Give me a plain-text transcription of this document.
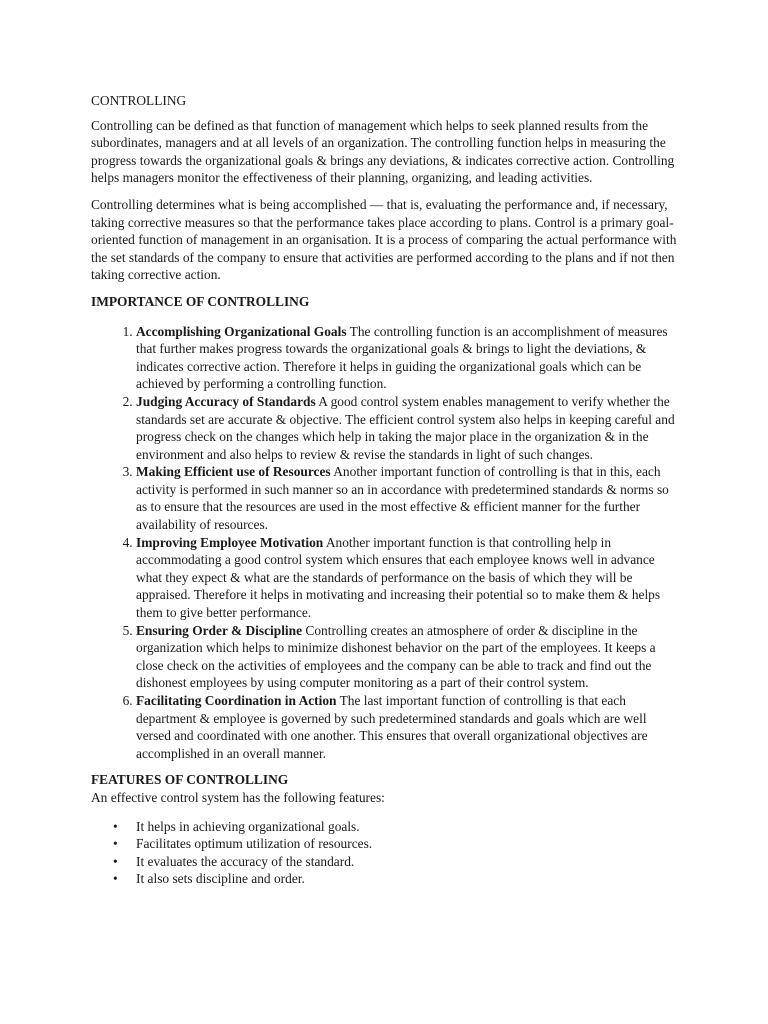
CONTROLLING

Controlling can be defined as that function of management which helps to seek planned results from the subordinates, managers and at all levels of an organization. The controlling function helps in measuring the progress towards the organizational goals & brings any deviations, & indicates corrective action. Controlling helps managers monitor the effectiveness of their planning, organizing, and leading activities.

Controlling determines what is being accomplished — that is, evaluating the performance and, if necessary, taking corrective measures so that the performance takes place according to plans. Control is a primary goal-oriented function of management in an organisation. It is a process of comparing the actual performance with the set standards of the company to ensure that activities are performed according to the plans and if not then taking corrective action.

IMPORTANCE OF CONTROLLING
1. Accomplishing Organizational Goals The controlling function is an accomplishment of measures that further makes progress towards the organizational goals & brings to light the deviations, & indicates corrective action. Therefore it helps in guiding the organizational goals which can be achieved by performing a controlling function.
2. Judging Accuracy of Standards A good control system enables management to verify whether the standards set are accurate & objective. The efficient control system also helps in keeping careful and progress check on the changes which help in taking the major place in the organization & in the environment and also helps to review & revise the standards in light of such changes.
3. Making Efficient use of Resources Another important function of controlling is that in this, each activity is performed in such manner so an in accordance with predetermined standards & norms so as to ensure that the resources are used in the most effective & efficient manner for the further availability of resources.
4. Improving Employee Motivation Another important function is that controlling help in accommodating a good control system which ensures that each employee knows well in advance what they expect & what are the standards of performance on the basis of which they will be appraised. Therefore it helps in motivating and increasing their potential so to make them & helps them to give better performance.
5. Ensuring Order & Discipline Controlling creates an atmosphere of order & discipline in the organization which helps to minimize dishonest behavior on the part of the employees. It keeps a close check on the activities of employees and the company can be able to track and find out the dishonest employees by using computer monitoring as a part of their control system.
6. Facilitating Coordination in Action The last important function of controlling is that each department & employee is governed by such predetermined standards and goals which are well versed and coordinated with one another. This ensures that overall organizational objectives are accomplished in an overall manner.
FEATURES OF CONTROLLING
An effective control system has the following features:
• It helps in achieving organizational goals.
• Facilitates optimum utilization of resources.
• It evaluates the accuracy of the standard.
• It also sets discipline and order.
